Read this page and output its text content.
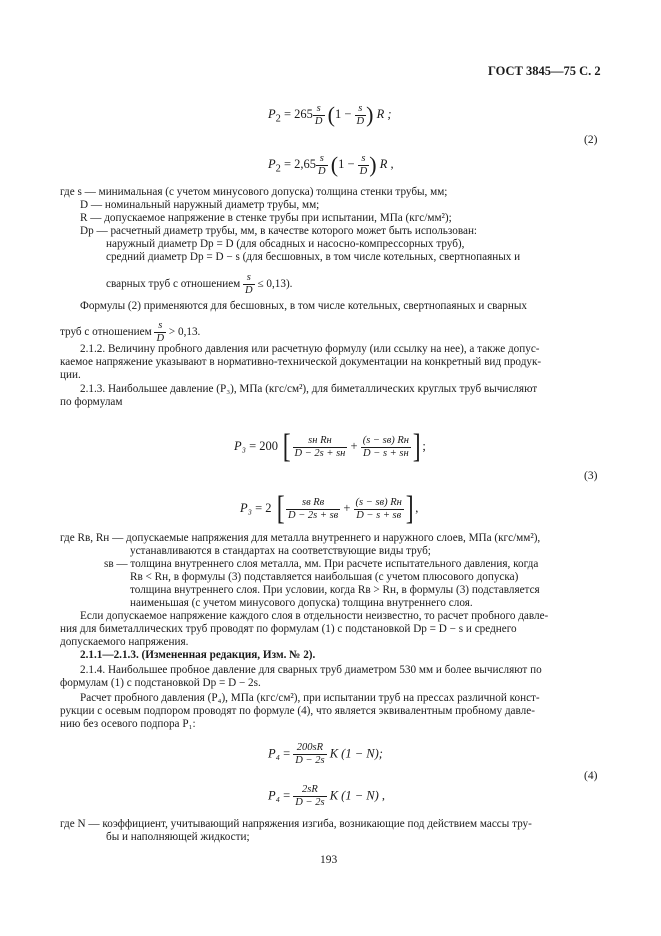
ГОСТ 3845—75 С. 2
$P_2 = 265 \frac{s}{D} (1 - \frac{s}{D}$ ) R ;
(2)
$P_2 = 2,65 \frac{s}{D} (1 - \frac{s}{D}$ ) R ,
где s — минимальная (с учетом минусового допуска) толщина стенки трубы, мм;
D — номинальный наружный диаметр трубы, мм;
R — допускаемое напряжение в стенке трубы при испытании, МПа (кгс/мм²);
Dр — расчетный диаметр трубы, мм, в качестве которого может быть использован:
наружный диаметр Dр = D (для обсадных и насосно-компрессорных труб),
средний диаметр Dр = D − s (для бесшовных, в том числе котельных, свертнопаяных и
сварных труб с отношением $\frac{s}{D} \le 0,13$).
Формулы (2) применяются для бесшовных, в том числе котельных, свертнопаяных и сварных
труб с отношением $\frac{s}{D} > 0,13$.
2.1.2. Величину пробного давления или расчетную формулу (или ссылку на нее), а также допус-
каемое напряжение указывают в нормативно-технической документации на конкретный вид продук-
ции.
2.1.3. Наибольшее давление (P₃), МПа (кгс/см²), для биметаллических круглых труб вычисляют
по формулам
P₃ = 200 [ $\frac{\text{sн Rн}}{D - 2s + sн} + \frac{(s - sв) Rн}{D - s + sн}$ ] ;
(3)
P₃ = 2 [ $\frac{\text{sв Rв}}{D - 2s + sв} + \frac{(s - sв) Rн}{D - s + sв}$ ] ,
где Rв, Rн — допускаемые напряжения для металла внутреннего и наружного слоев, МПа (кгс/мм²),
устанавливаются в стандартах на соответствующие виды труб;
sв — толщина внутреннего слоя металла, мм. При расчете испытательного давления, когда
Rв < Rн, в формулы (3) подставляется наибольшая (с учетом плюсового допуска)
толщина внутреннего слоя. При условии, когда Rв > Rн, в формулы (3) подставляется
наименьшая (с учетом минусового допуска) толщина внутреннего слоя.
Если допускаемое напряжение каждого слоя в отдельности неизвестно, то расчет пробного давле-
ния для биметаллических труб проводят по формулам (1) с подстановкой Dр = D − s и среднего
допускаемого напряжения.
2.1.1—2.1.3. (Измененная редакция, Изм. № 2).
2.1.4. Наибольшее пробное давление для сварных труб диаметром 530 мм и более вычисляют по
формулам (1) с подстановкой Dр = D − 2s.
Расчет пробного давления (P₄), МПа (кгс/см²), при испытании труб на прессах различной конст-
рукции с осевым подпором проводят по формуле (4), что является эквивалентным пробному давле-
нию без осевого подпора P₁:
$P_4 = \frac{200sR}{D - 2s}$ K (1 − N);
(4)
$P_4 = \frac{2sR}{D - 2s}$ K (1 − N) ,
где N — коэффициент, учитывающий напряжения изгиба, возникающие под действием массы тру-
бы и наполняющей жидкости;
193
